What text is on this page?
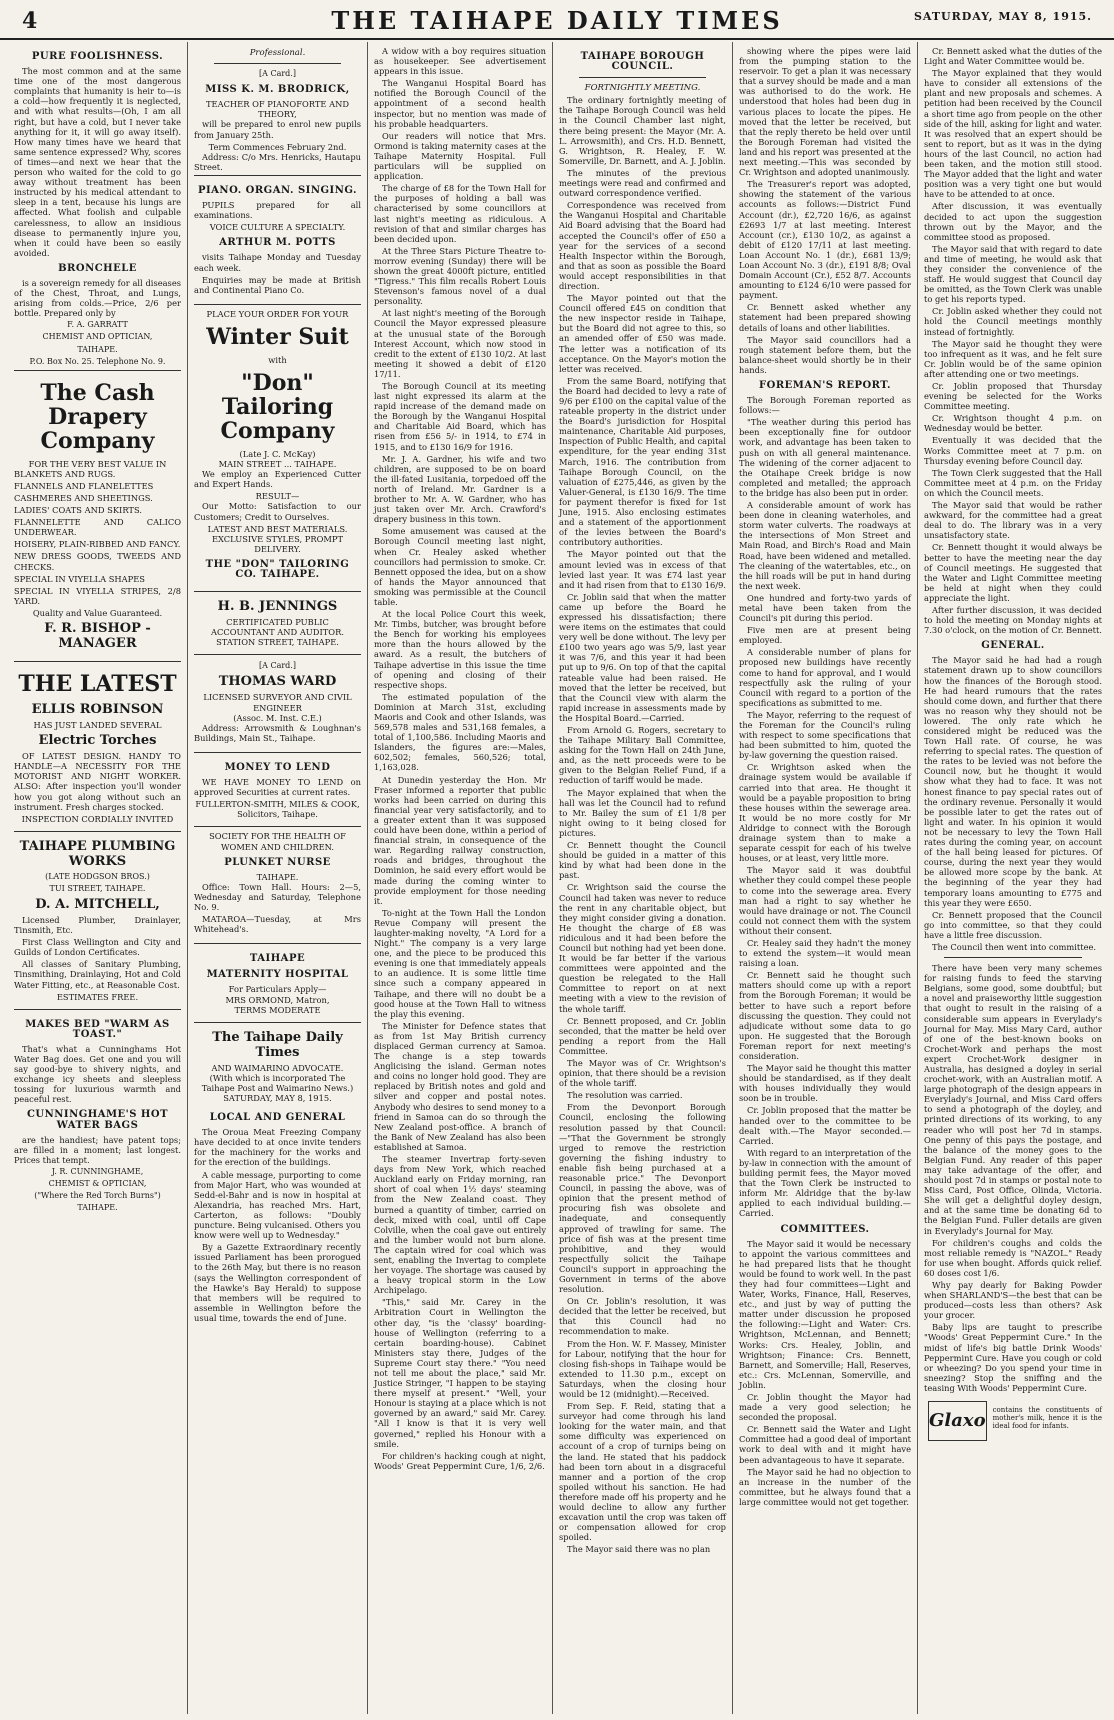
4	THE TAIHAPE DAILY TIMES	SATURDAY, MAY 8, 1915.
PURE FOOLISHNESS.

The most common and at the same time one of the most dangerous complaints that humanity is heir to—is a cold—how frequently it is neglected, and with what results—(Oh, I am all right, but have a cold, but I never take anything for it, it will go away itself). How many times have we heard that same sentence expressed? Why, scores of times—and next we hear that the person who waited for the cold to go away without treatment has been instructed by his medical attendant to sleep in a tent, because his lungs are affected. What foolish and culpable carelessness, to allow an insidious disease to permanently injure you, when it could have been so easily avoided.

BRONCHELE

is a sovereign remedy for all diseases of the Chest, Throat, and Lungs, arising from colds.—Price, 2/6 per bottle. Prepared only by

F. A. GARRATT
CHEMIST AND OPTICIAN,
TAIHAPE.
P.O. Box No. 25. Telephone No. 9.
The Cash Drapery Company
FOR THE VERY BEST VALUE IN

BLANKETS AND RUGS.

FLANNELS AND FLANELETTES

CASHMERES AND SHEETINGS.

LADIES' COATS AND SKIRTS.

FLANNELETTE AND CALICO UNDERWEAR.

HOISERY, PLAIN-RIBBED AND FANCY.

NEW DRESS GOODS, TWEEDS AND CHECKS.

SPECIAL IN VIYELLA SHAPES

SPECIAL IN VIYELLA STRIPES, 2/8 YARD.

Quality and Value Guaranteed.
F. R. BISHOP - MANAGER
THE LATEST
ELLIS ROBINSON
HAS JUST LANDED SEVERAL
Electric Torches

OF LATEST DESIGN. HANDY TO HANDLE—A NECESSITY FOR THE MOTORIST AND NIGHT WORKER. ALSO: After inspection you'll wonder how you got along without such an instrument. Fresh charges stocked.

INSPECTION CORDIALLY INVITED
TAIHAPE PLUMBING WORKS
(LATE HODGSON BROS.)
TUI STREET, TAIHAPE.
D. A. MITCHELL,

Licensed Plumber, Drainlayer, Tinsmith, Etc.

First Class Wellington and City and Guilds of London Certificates.

All classes of Sanitary Plumbing, Tinsmithing, Drainlaying, Hot and Cold Water Fitting, etc., at Reasonable Cost.

ESTIMATES FREE.
MAKES BED "WARM AS TOAST."

That's what a Cunninghams Hot Water Bag does. Get one and you will say good-bye to shivery nights, and exchange icy sheets and sleepless tossing for luxurious warmth and peaceful rest.

CUNNINGHAME'S HOT WATER BAGS

are the handiest; have patent tops; are filled in a moment; last longest. Prices that tempt.

J. R. CUNNINGHAME,
CHEMIST & OPTICIAN,
("Where the Red Torch Burns")
TAIHAPE.
Professional.
[A Card.]
MISS K. M. BRODRICK,
TEACHER OF PIANOFORTE AND THEORY,

will be prepared to enrol new pupils from January 25th.

Term Commences February 2nd.

Address: C/o Mrs. Henricks, Hautapu Street.

PIANO. ORGAN. SINGING.

PUPILS prepared for all examinations.

VOICE CULTURE A SPECIALTY.
ARTHUR M. POTTS

visits Taihape Monday and Tuesday each week.

Enquiries may be made at British and Continental Piano Co.

PLACE YOUR ORDER FOR YOUR
Winter Suit
with
"Don" Tailoring Company
(Late J. C. McKay)
MAIN STREET ... TAIHAPE.

We employ an Experienced Cutter and Expert Hands.

RESULT—

Our Motto: Satisfaction to our Customers; Credit to Ourselves.

LATEST AND BEST MATERIALS. EXCLUSIVE STYLES, PROMPT DELIVERY.
THE "DON" TAILORING CO. TAIHAPE.
H. B. JENNINGS
CERTIFICATED PUBLIC ACCOUNTANT AND AUDITOR.
STATION STREET, TAIHAPE.
[A Card.]
THOMAS WARD
LICENSED SURVEYOR AND CIVIL ENGINEER
(Assoc. M. Inst. C.E.)

Address: Arrowsmith & Loughnan's Buildings, Main St., Taihape.

MONEY TO LEND

WE HAVE MONEY TO LEND on approved Securities at current rates.

FULLERTON-SMITH, MILES & COOK,
Solicitors, Taihape.
SOCIETY FOR THE HEALTH OF WOMEN AND CHILDREN.
PLUNKET NURSE
TAIHAPE.

Office: Town Hall. Hours: 2—5, Wednesday and Saturday, Telephone No. 9.

MATAROA—Tuesday, at Mrs Whitehead's.

TAIHAPE
MATERNITY HOSPITAL
For Particulars Apply—
MRS ORMOND, Matron,
TERMS MODERATE
The Taihape Daily Times
AND WAIMARINO ADVOCATE.
(With which is incorporated The Taihape Post and Waimarino News.)
SATURDAY, MAY 8, 1915.
LOCAL AND GENERAL

The Oroua Meat Freezing Company have decided to at once invite tenders for the machinery for the works and for the erection of the buildings.

A cable message, purporting to come from Major Hart, who was wounded at Sedd-el-Bahr and is now in hospital at Alexandria, has reached Mrs. Hart, Carterton, as follows: "Doubly puncture. Being vulcanised. Others you know were well up to Wednesday."

By a Gazette Extraordinary recently issued Parliament has been prorogued to the 26th May, but there is no reason (says the Wellington correspondent of the Hawke's Bay Herald) to suppose that members will be required to assemble in Wellington before the usual time, towards the end of June.

A widow with a boy requires situation as housekeeper. See advertisement appears in this issue.

The Wanganui Hospital Board has notified the Borough Council of the appointment of a second health inspector, but no mention was made of his probable headquarters.

Our readers will notice that Mrs. Ormond is taking maternity cases at the Taihape Maternity Hospital. Full particulars will be supplied on application.

The charge of £8 for the Town Hall for the purposes of holding a ball was characterised by some councillors at last night's meeting as ridiculous. A revision of that and similar charges has been decided upon.

At the Three Stars Picture Theatre to-morrow evening (Sunday) there will be shown the great 4000ft picture, entitled "Tigress." This film recalls Robert Louis Stevenson's famous novel of a dual personality.

At last night's meeting of the Borough Council the Mayor expressed pleasure at the unusual state of the Borough Interest Account, which now stood in credit to the extent of £130 10/2. At last meeting it showed a debit of £120 17/11.

The Borough Council at its meeting last night expressed its alarm at the rapid increase of the demand made on the Borough by the Wanganui Hospital and Charitable Aid Board, which has risen from £56 5/- in 1914, to £74 in 1915, and to £130 16/9 for 1916.

Mr. J. A. Gardner, his wife and two children, are supposed to be on board the ill-fated Lusitania, torpedoed off the north of Ireland. Mr. Gardner is a brother to Mr. A. W. Gardner, who has just taken over Mr. Arch. Crawford's drapery business in this town.

Some amusement was caused at the Borough Council meeting last night, when Cr. Healey asked whether councillors had permission to smoke. Cr. Bennett opposed the idea, but on a show of hands the Mayor announced that smoking was permissible at the Council table.

At the local Police Court this week, Mr. Timbs, butcher, was brought before the Bench for working his employees more than the hours allowed by the award. As a result, the butchers of Taihape advertise in this issue the time of opening and closing of their respective shops.

The estimated population of the Dominion at March 31st, excluding Maoris and Cook and other Islands, was 569,578 males and 531,168 females, a total of 1,100,586. Including Maoris and Islanders, the figures are:—Males, 602,502; females, 560,526; total, 1,163,028.

At Dunedin yesterday the Hon. Mr Fraser informed a reporter that public works had been carried on during this financial year very satisfactorily, and to a greater extent than it was supposed could have been done, within a period of financial strain, in consequence of the war. Regarding railway construction, roads and bridges, throughout the Dominion, he said every effort would be made during the coming winter to provide employment for those needing it.

To-night at the Town Hall the London Revue Company will present the laughter-making novelty, "A Lord for a Night." The company is a very large one, and the piece to be produced this evening is one that immediately appeals to an audience. It is some little time since such a company appeared in Taihape, and there will no doubt be a good house at the Town Hall to witness the play this evening.

The Minister for Defence states that as from 1st May British currency displaced German currency at Samoa. The change is a step towards Anglicising the island. German notes and coins no longer hold good. They are replaced by British notes and gold and silver and copper and postal notes. Anybody who desires to send money to a friend in Samoa can do so through the New Zealand post-office. A branch of the Bank of New Zealand has also been established at Samoa.

The steamer Invertrap forty-seven days from New York, which reached Auckland early on Friday morning, ran short of coal when 1½ days' steaming from the New Zealand coast. They burned a quantity of timber, carried on deck, mixed with coal, until off Cape Colville, when the coal gave out entirely and the lumber would not burn alone. The captain wired for coal which was sent, enabling the Invertag to complete her voyage. The shortage was caused by a heavy tropical storm in the Low Archipelago.

"This," said Mr. Carey in the Arbitration Court in Wellington the other day, "is the 'classy' boarding-house of Wellington (referring to a certain boarding-house). Cabinet Ministers stay there, Judges of the Supreme Court stay there." "You need not tell me about the place," said Mr. Justice Stringer, "I happen to be staying there myself at present." "Well, your Honour is staying at a place which is not governed by an award," said Mr. Carey. "All I know is that it is very well governed," replied his Honour with a smile.

For children's hacking cough at night, Woods' Great Peppermint Cure, 1/6, 2/6.

TAIHAPE BOROUGH COUNCIL.
FORTNIGHTLY MEETING.

The ordinary fortnightly meeting of the Taihape Borough Council was held in the Council Chamber last night, there being present: the Mayor (Mr. A. L. Arrowsmith), and Crs. H.D. Bennett, G. Wrightson, R. Healey, F. W. Somerville, Dr. Barnett, and A. J. Joblin.

The minutes of the previous meetings were read and confirmed and outward correspondence verified.

Correspondence was received from the Wanganui Hospital and Charitable Aid Board advising that the Board had accepted the Council's offer of £50 a year for the services of a second Health Inspector within the Borough, and that as soon as possible the Board would accept responsibilities in that direction.

The Mayor pointed out that the Council offered £45 on condition that the new inspector reside in Taihape, but the Board did not agree to this, so an amended offer of £50 was made. The letter was a notification of its acceptance. On the Mayor's motion the letter was received.

From the same Board, notifying that the Board had decided to levy a rate of 9/6 per £100 on the capital value of the rateable property in the district under the Board's jurisdiction for Hospital maintenance, Charitable Aid purposes, Inspection of Public Health, and capital expenditure, for the year ending 31st March, 1916. The contribution from Taihape Borough Council, on the valuation of £275,446, as given by the Valuer-General, is £130 16/9. The time for payment therefor is fixed for 1st June, 1915. Also enclosing estimates and a statement of the apportionment of the levies between the Board's contributory authorities.

The Mayor pointed out that the amount levied was in excess of that levied last year. It was £74 last year and it had risen from that to £130 16/9.

Cr. Joblin said that when the matter came up before the Board he expressed his dissatisfaction; there were items on the estimates that could very well be done without. The levy per £100 two years ago was 5/9, last year it was 7/6, and this year it had been put up to 9/6. On top of that the capital rateable value had been raised. He moved that the letter be received, but that the Council view with alarm the rapid increase in assessments made by the Hospital Board.—Carried.

From Arnold G. Rogers, secretary to the Taihape Military Ball Committee, asking for the Town Hall on 24th June, and, as the nett proceeds were to be given to the Belgian Relief Fund, if a reduction of tariff would be made.

The Mayor explained that when the hall was let the Council had to refund to Mr. Bailey the sum of £1 1/8 per night owing to it being closed for pictures.

Cr. Bennett thought the Council should be guided in a matter of this kind by what had been done in the past.

Cr. Wrightson said the course the Council had taken was never to reduce the rent in any charitable object, but they might consider giving a donation. He thought the charge of £8 was ridiculous and it had been before the Council but nothing had yet been done. It would be far better if the various committees were appointed and the question be relegated to the Hall Committee to report on at next meeting with a view to the revision of the whole tariff.

Cr. Bennett proposed, and Cr. Joblin seconded, that the matter be held over pending a report from the Hall Committee.

The Mayor was of Cr. Wrightson's opinion, that there should be a revision of the whole tariff.

The resolution was carried.

From the Devonport Borough Council, enclosing the following resolution passed by that Council:—"That the Government be strongly urged to remove the restriction governing the fishing industry to enable fish being purchased at a reasonable price." The Devonport Council, in passing the above, was of opinion that the present method of procuring fish was obsolete and inadequate, and consequently approved of trawling for same. The price of fish was at the present time prohibitive, and they would respectfully solicit the Taihape Council's support in approaching the Government in terms of the above resolution.

On Cr. Joblin's resolution, it was decided that the letter be received, but that this Council had no recommendation to make.

From the Hon. W. F. Massey, Minister for Labour, notifying that the hour for closing fish-shops in Taihape would be extended to 11.30 p.m., except on Saturdays, when the closing hour would be 12 (midnight).—Received.

From Sep. F. Reid, stating that a surveyor had come through his land looking for the water main, and that some difficulty was experienced on account of a crop of turnips being on the land. He stated that his paddock had been torn about in a disgraceful manner and a portion of the crop spoiled without his sanction. He had therefore made off his property and he would decline to allow any further excavation until the crop was taken off or compensation allowed for crop spoiled.

The Mayor said there was no plan

showing where the pipes were laid from the pumping station to the reservoir. To get a plan it was necessary that a survey should be made and a man was authorised to do the work. He understood that holes had been dug in various places to locate the pipes. He moved that the letter be received, but that the reply thereto be held over until the Borough Foreman had visited the land and his report was presented at the next meeting.—This was seconded by Cr. Wrightson and adopted unanimously.

The Treasurer's report was adopted, showing the statement of the various accounts as follows:—District Fund Account (dr.), £2,720 16/6, as against £2693 1/7 at last meeting. Interest Account (cr.), £130 10/2, as against a debit of £120 17/11 at last meeting. Loan Account No. 1 (dr.), £681 13/9; Loan Account No. 3 (dr.), £191 8/8; Oval Domain Account (Cr.), £52 8/7. Accounts amounting to £124 6/10 were passed for payment.

Cr. Bennett asked whether any statement had been prepared showing details of loans and other liabilities.

The Mayor said councillors had a rough statement before them, but the balance-sheet would shortly be in their hands.

FOREMAN'S REPORT.

The Borough Foreman reported as follows:—

"The weather during this period has been exceptionally fine for outdoor work, and advantage has been taken to push on with all general maintenance. The widening of the corner adjacent to the Otaihape Creek bridge is now completed and metalled; the approach to the bridge has also been put in order.

A considerable amount of work has been done in cleaning waterholes, and storm water culverts. The roadways at the intersections of Mon Street and Main Road, and Birch's Road and Main Road, have been widened and metalled. The cleaning of the watertables, etc., on the hill roads will be put in hand during the next week.

One hundred and forty-two yards of metal have been taken from the Council's pit during this period.

Five men are at present being employed.

A considerable number of plans for proposed new buildings have recently come to hand for approval, and I would respectfully ask the ruling of your Council with regard to a portion of the specifications as submitted to me.

The Mayor, referring to the request of the Foreman for the Council's ruling with respect to some specifications that had been submitted to him, quoted the by-law governing the question raised.

Cr. Wrightson asked when the drainage system would be available if carried into that area. He thought it would be a payable proposition to bring these houses within the sewerage area. It would be no more costly for Mr Aldridge to connect with the Borough drainage system than to make a separate cesspit for each of his twelve houses, or at least, very little more.

The Mayor said it was doubtful whether they could compel these people to come into the sewerage area. Every man had a right to say whether he would have drainage or not. The Council could not connect them with the system without their consent.

Cr. Healey said they hadn't the money to extend the system—it would mean raising a loan.

Cr. Bennett said he thought such matters should come up with a report from the Borough Foreman; it would be better to have such a report before discussing the question. They could not adjudicate without some data to go upon. He suggested that the Borough Foreman report for next meeting's consideration.

The Mayor said he thought this matter should be standardised, as if they dealt with houses individually they would soon be in trouble.

Cr. Joblin proposed that the matter be handed over to the committee to be dealt with.—The Mayor seconded.—Carried.

With regard to an interpretation of the by-law in connection with the amount of building permit fees, the Mayor moved that the Town Clerk be instructed to inform Mr. Aldridge that the by-law applied to each individual building.—Carried.

COMMITTEES.

The Mayor said it would be necessary to appoint the various committees and he had prepared lists that he thought would be found to work well. In the past they had four committees—Light and Water, Works, Finance, Hall, Reserves, etc., and just by way of putting the matter under discussion he proposed the following:—Light and Water: Crs. Wrightson, McLennan, and Bennett; Works: Crs. Healey, Joblin, and Wrightson; Finance: Crs. Bennett, Barnett, and Somerville; Hall, Reserves, etc.: Crs. McLennan, Somerville, and Joblin.

Cr. Joblin thought the Mayor had made a very good selection; he seconded the proposal.

Cr. Bennett said the Water and Light Committee had a good deal of important work to deal with and it might have been advantageous to have it separate.

The Mayor said he had no objection to an increase in the number of the committee, but he always found that a large committee would not get together.

Cr. Bennett asked what the duties of the Light and Water Committee would be.

The Mayor explained that they would have to consider all extensions of the plant and new proposals and schemes. A petition had been received by the Council a short time ago from people on the other side of the hill, asking for light and water. It was resolved that an expert should be sent to report, but as it was in the dying hours of the last Council, no action had been taken, and the motion still stood. The Mayor added that the light and water position was a very tight one but would have to be attended to at once.

After discussion, it was eventually decided to act upon the suggestion thrown out by the Mayor, and the committee stood as proposed.

The Mayor said that with regard to date and time of meeting, he would ask that they consider the convenience of the staff. He would suggest that Council day be omitted, as the Town Clerk was unable to get his reports typed.

Cr. Joblin asked whether they could not hold the Council meetings monthly instead of fortnightly.

The Mayor said he thought they were too infrequent as it was, and he felt sure Cr. Joblin would be of the same opinion after attending one or two meetings.

Cr. Joblin proposed that Thursday evening be selected for the Works Committee meeting.

Cr. Wrightson thought 4 p.m. on Wednesday would be better.

Eventually it was decided that the Works Committee meet at 7 p.m. on Thursday evening before Council day.

The Town Clerk suggested that the Hall Committee meet at 4 p.m. on the Friday on which the Council meets.

The Mayor said that would be rather awkward, for the committee had a great deal to do. The library was in a very unsatisfactory state.

Cr. Bennett thought it would always be better to have the meeting near the day of Council meetings. He suggested that the Water and Light Committee meeting be held at night when they could appreciate the light.

After further discussion, it was decided to hold the meeting on Monday nights at 7.30 o'clock, on the motion of Cr. Bennett.

GENERAL.

The Mayor said he had had a rough statement drawn up to show councillors how the finances of the Borough stood. He had heard rumours that the rates should come down, and further that there was no reason why they should not be lowered. The only rate which he considered might be reduced was the Town Hall rate. Of course, he was referring to special rates. The question of the rates to be levied was not before the Council now, but he thought it would show what they had to face. It was not honest finance to pay special rates out of the ordinary revenue. Personally it would be possible later to get the rates out of light and water. In his opinion it would not be necessary to levy the Town Hall rates during the coming year, on account of the hall being leased for pictures. Of course, during the next year they would be allowed more scope by the bank. At the beginning of the year they had temporary loans amounting to £775 and this year they were £650.

Cr. Bennett proposed that the Council go into committee, so that they could have a little free discussion.

The Council then went into committee.

There have been very many schemes for raising funds to feed the starving Belgians, some good, some doubtful; but a novel and praiseworthy little suggestion that ought to result in the raising of a considerable sum appears in Everylady's Journal for May. Miss Mary Card, author of one of the best-known books on Crochet-Work and perhaps the most expert Crochet-Work designer in Australia, has designed a doyley in serial crochet-work, with an Australian motif. A large photograph of the design appears in Everylady's Journal, and Miss Card offers to send a photograph of the doyley, and printed directions of its working, to any reader who will post her 7d in stamps. One penny of this pays the postage, and the balance of the money goes to the Belgian Fund. Any reader of this paper may take advantage of the offer, and should post 7d in stamps or postal note to Miss Card, Post Office, Olinda, Victoria. She will get a delightful doyley design, and at the same time be donating 6d to the Belgian Fund. Fuller details are given in Everylady's Journal for May.

For children's coughs and colds the most reliable remedy is "NAZOL." Ready for use when bought. Affords quick relief. 60 doses cost 1/6.

Why pay dearly for Baking Powder when SHARLAND'S—the best that can be produced—costs less than others? Ask your grocer.

Baby lips are taught to prescribe "Woods' Great Peppermint Cure." In the midst of life's big battle Drink Woods' Peppermint Cure. Have you cough or cold or wheezing? Do you spend your time in sneezing? Stop the sniffing and the teasing With Woods' Peppermint Cure.

Glaxo contains the constituents of mother's milk, hence it is the ideal food for infants.
